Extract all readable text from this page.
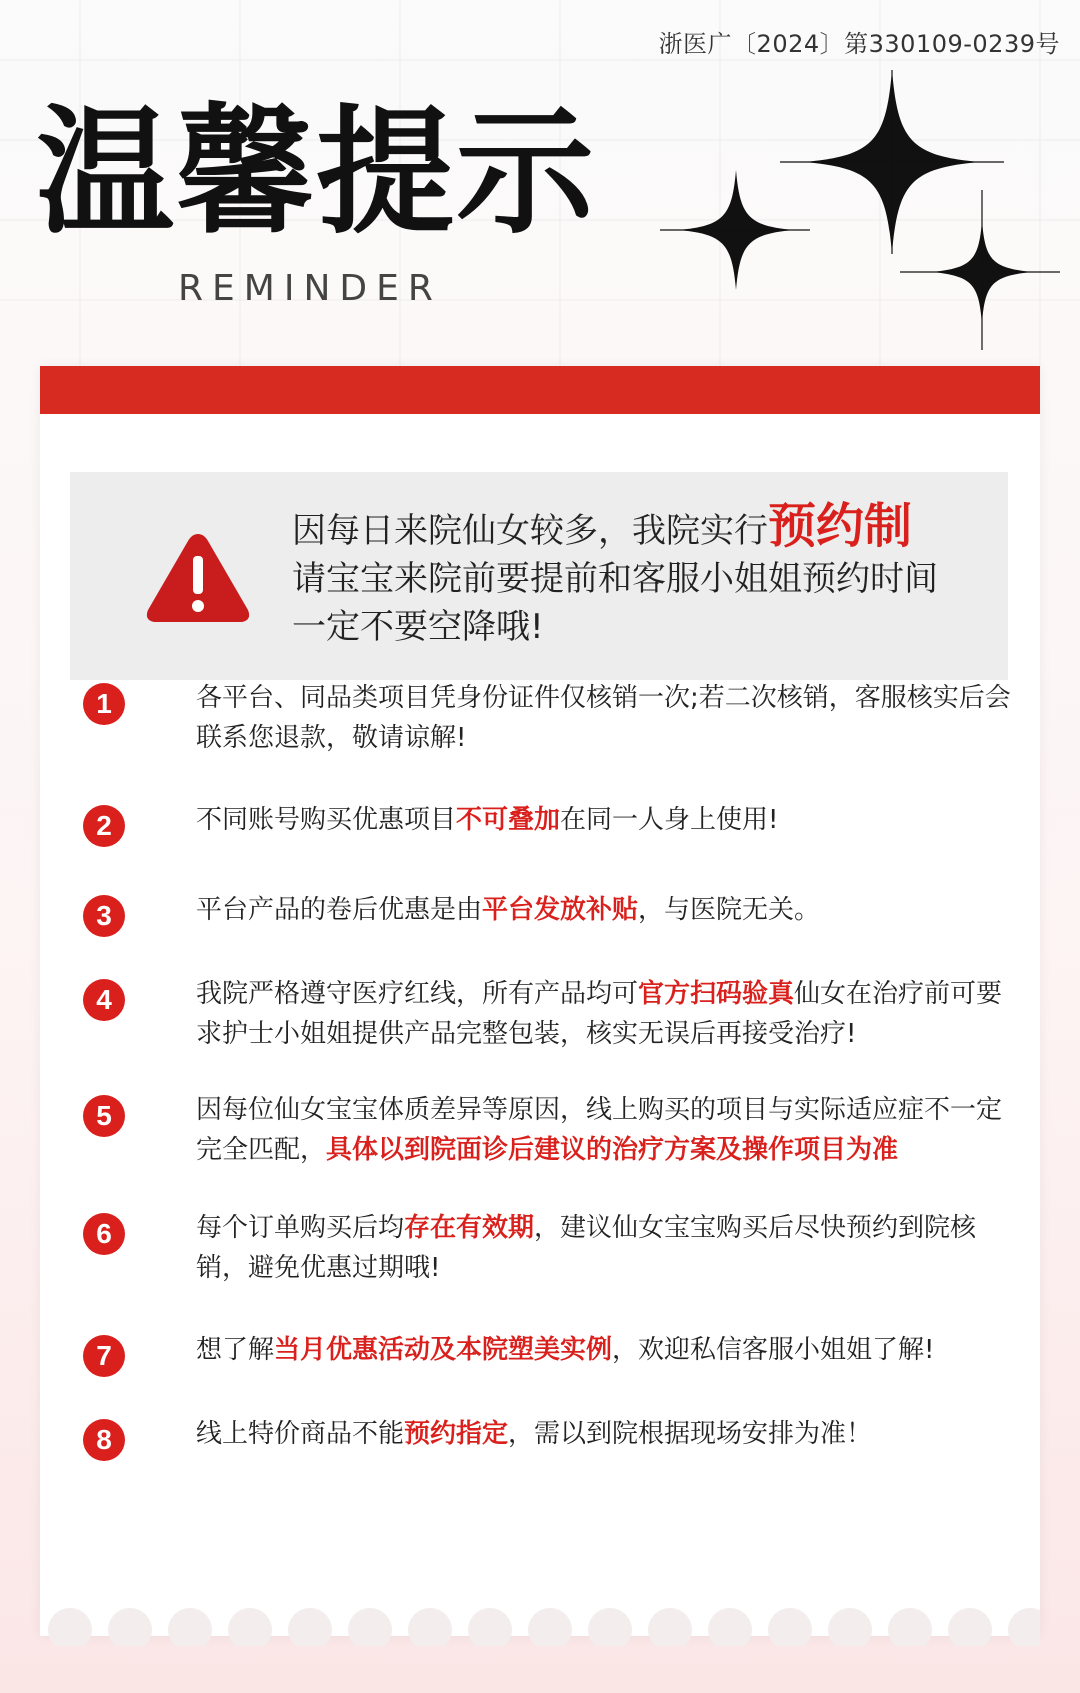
浙医广〔2024〕第330109-0239号
温馨提示
REMINDER
因每日来院仙女较多，我院实行预约制
请宝宝来院前要提前和客服小姐姐预约时间
一定不要空降哦!
1	各平台、同品类项目凭身份证件仅核销一次;若二次核销，客服核实后会联系您退款，敬请谅解!
2	不同账号购买优惠项目不可叠加在同一人身上使用!
3	平台产品的卷后优惠是由平台发放补贴，与医院无关。
4	我院严格遵守医疗红线，所有产品均可官方扫码验真仙女在治疗前可要求护士小姐姐提供产品完整包装，核实无误后再接受治疗!
5	因每位仙女宝宝体质差异等原因，线上购买的项目与实际适应症不一定完全匹配，具体以到院面诊后建议的治疗方案及操作项目为准
6	每个订单购买后均存在有效期，建议仙女宝宝购买后尽快预约到院核销，避免优惠过期哦!
7	想了解当月优惠活动及本院塑美实例，欢迎私信客服小姐姐了解!
8	线上特价商品不能预约指定，需以到院根据现场安排为准！
